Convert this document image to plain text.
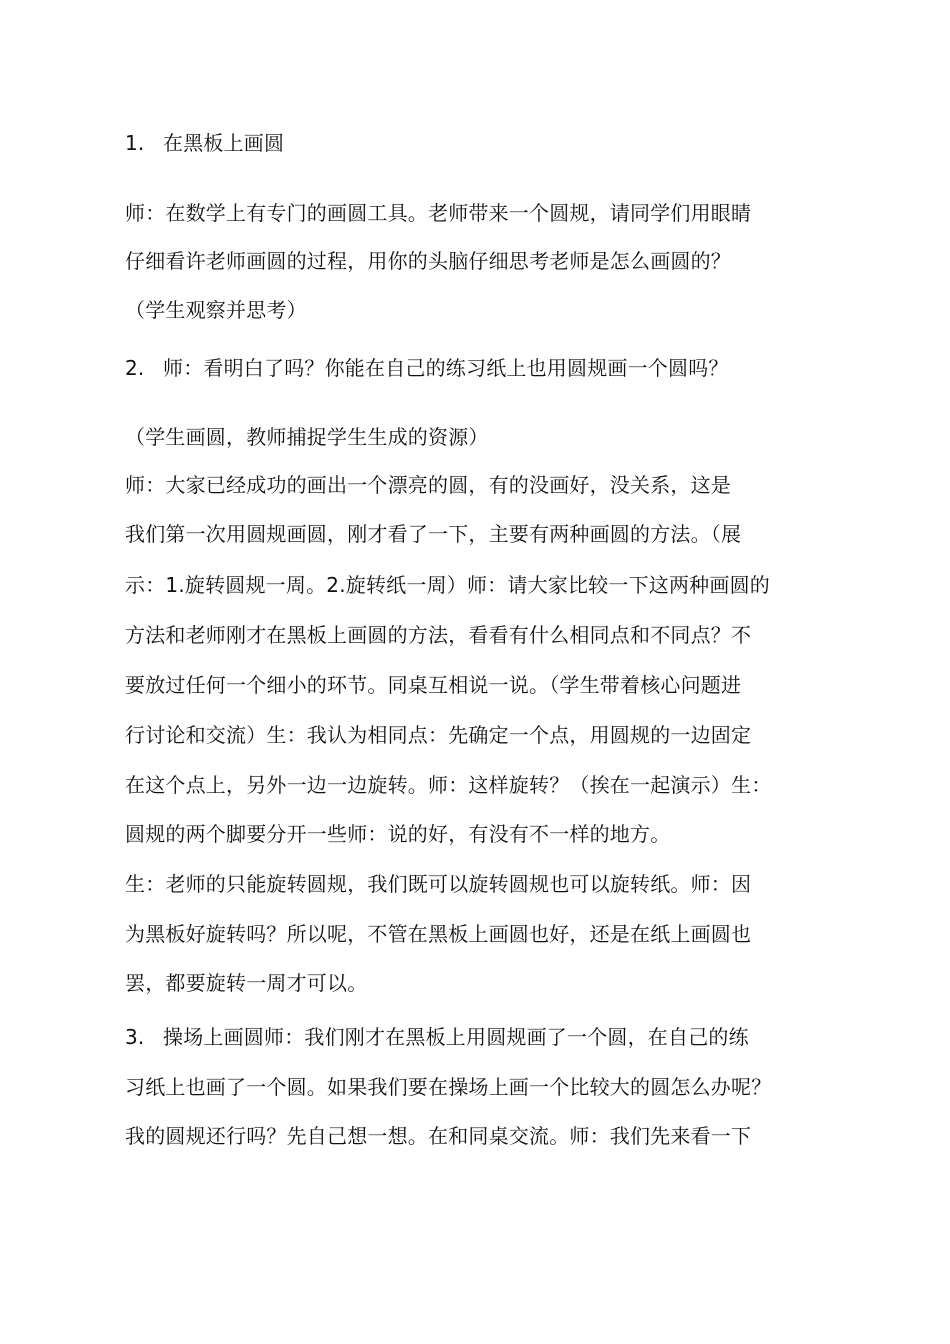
1. 在黑板上画圆

师：在数学上有专门的画圆工具。老师带来一个圆规，请同学们用眼睛

仔细看许老师画圆的过程，用你的头脑仔细思考老师是怎么画圆的？

（学生观察并思考）

2. 师：看明白了吗？你能在自己的练习纸上也用圆规画一个圆吗？

（学生画圆，教师捕捉学生生成的资源）

师：大家已经成功的画出一个漂亮的圆，有的没画好，没关系，这是

我们第一次用圆规画圆，刚才看了一下，主要有两种画圆的方法。（展

示：1.旋转圆规一周。2.旋转纸一周）师：请大家比较一下这两种画圆的

方法和老师刚才在黑板上画圆的方法，看看有什么相同点和不同点？不

要放过任何一个细小的环节。同桌互相说一说。（学生带着核心问题进

行讨论和交流）生：我认为相同点：先确定一个点，用圆规的一边固定

在这个点上，另外一边一边旋转。师：这样旋转？（挨在一起演示）生：

圆规的两个脚要分开一些师：说的好，有没有不一样的地方。

生：老师的只能旋转圆规，我们既可以旋转圆规也可以旋转纸。师：因

为黑板好旋转吗？所以呢，不管在黑板上画圆也好，还是在纸上画圆也

罢，都要旋转一周才可以。

3. 操场上画圆师：我们刚才在黑板上用圆规画了一个圆，在自己的练

习纸上也画了一个圆。如果我们要在操场上画一个比较大的圆怎么办呢？

我的圆规还行吗？先自己想一想。在和同桌交流。师：我们先来看一下
